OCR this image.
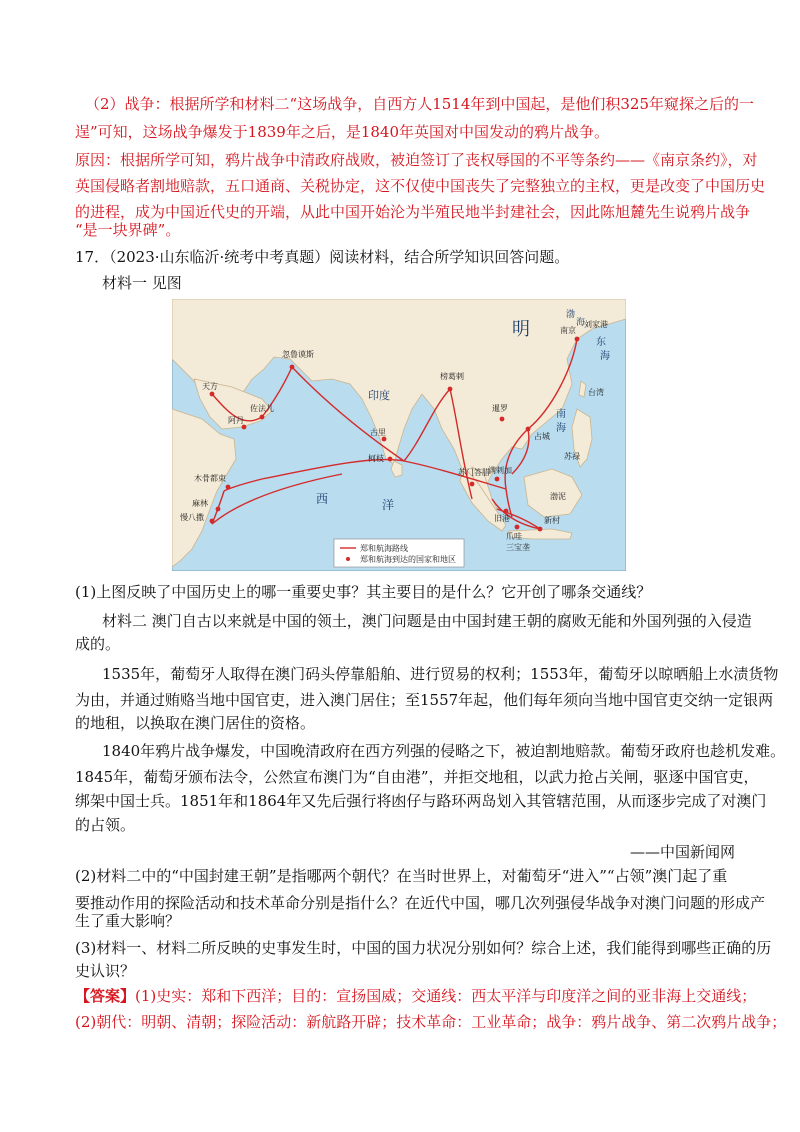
（2）战争：根据所学和材料二“这场战争，自西方人1514年到中国起，是他们积325年窥探之后的一
逞”可知，这场战争爆发于1839年之后，是1840年英国对中国发动的鸦片战争。
原因：根据所学可知，鸦片战争中清政府战败，被迫签订了丧权辱国的不平等条约——《南京条约》，对
英国侵略者割地赔款，五口通商、关税协定，这不仅使中国丧失了完整独立的主权，更是改变了中国历史
的进程，成为中国近代史的开端，从此中国开始沦为半殖民地半封建社会，因此陈旭麓先生说鸦片战争
“是一块界碑”。
17．（2023·山东临沂·统考中考真题）阅读材料，结合所学知识回答问题。
材料一 见图
明	南京
刘家港
忽鲁谟斯
天方
佐法儿
阿丹
印度
榜葛剌
古里
柯枝
木骨都束
麻林
慢八撒
暹罗
占城
满剌加
苏门答腊
旧港
爪哇
三宝垄
新村
台湾
苏禄
渤泥
渤
海
东
海
南
海
西	洋
郑和航海路线
郑和航海到达的国家和地区
(1)上图反映了中国历史上的哪一重要史事？其主要目的是什么？它开创了哪条交通线？
材料二 澳门自古以来就是中国的领土，澳门问题是由中国封建王朝的腐败无能和外国列强的入侵造
成的。
1535年，葡萄牙人取得在澳门码头停靠船舶、进行贸易的权利；1553年，葡萄牙以晾晒船上水渍货物
为由，并通过贿赂当地中国官吏，进入澳门居住；至1557年起，他们每年须向当地中国官吏交纳一定银两
的地租，以换取在澳门居住的资格。
1840年鸦片战争爆发，中国晚清政府在西方列强的侵略之下，被迫割地赔款。葡萄牙政府也趁机发难。
1845年，葡萄牙颁布法令，公然宣布澳门为“自由港”，并拒交地租，以武力抢占关闸，驱逐中国官吏，
绑架中国士兵。1851年和1864年又先后强行将凼仔与路环两岛划入其管辖范围，从而逐步完成了对澳门
的占领。
——中国新闻网
(2)材料二中的“中国封建王朝”是指哪两个朝代？在当时世界上，对葡萄牙“进入”“占领”澳门起了重
要推动作用的探险活动和技术革命分别是指什么？在近代中国，哪几次列强侵华战争对澳门问题的形成产
生了重大影响？
(3)材料一、材料二所反映的史事发生时，中国的国力状况分别如何？综合上述，我们能得到哪些正确的历
史认识？
【答案】(1)史实：郑和下西洋；目的：宣扬国威；交通线：西太平洋与印度洋之间的亚非海上交通线；
(2)朝代：明朝、清朝；探险活动：新航路开辟；技术革命：工业革命；战争：鸦片战争、第二次鸦片战争；
